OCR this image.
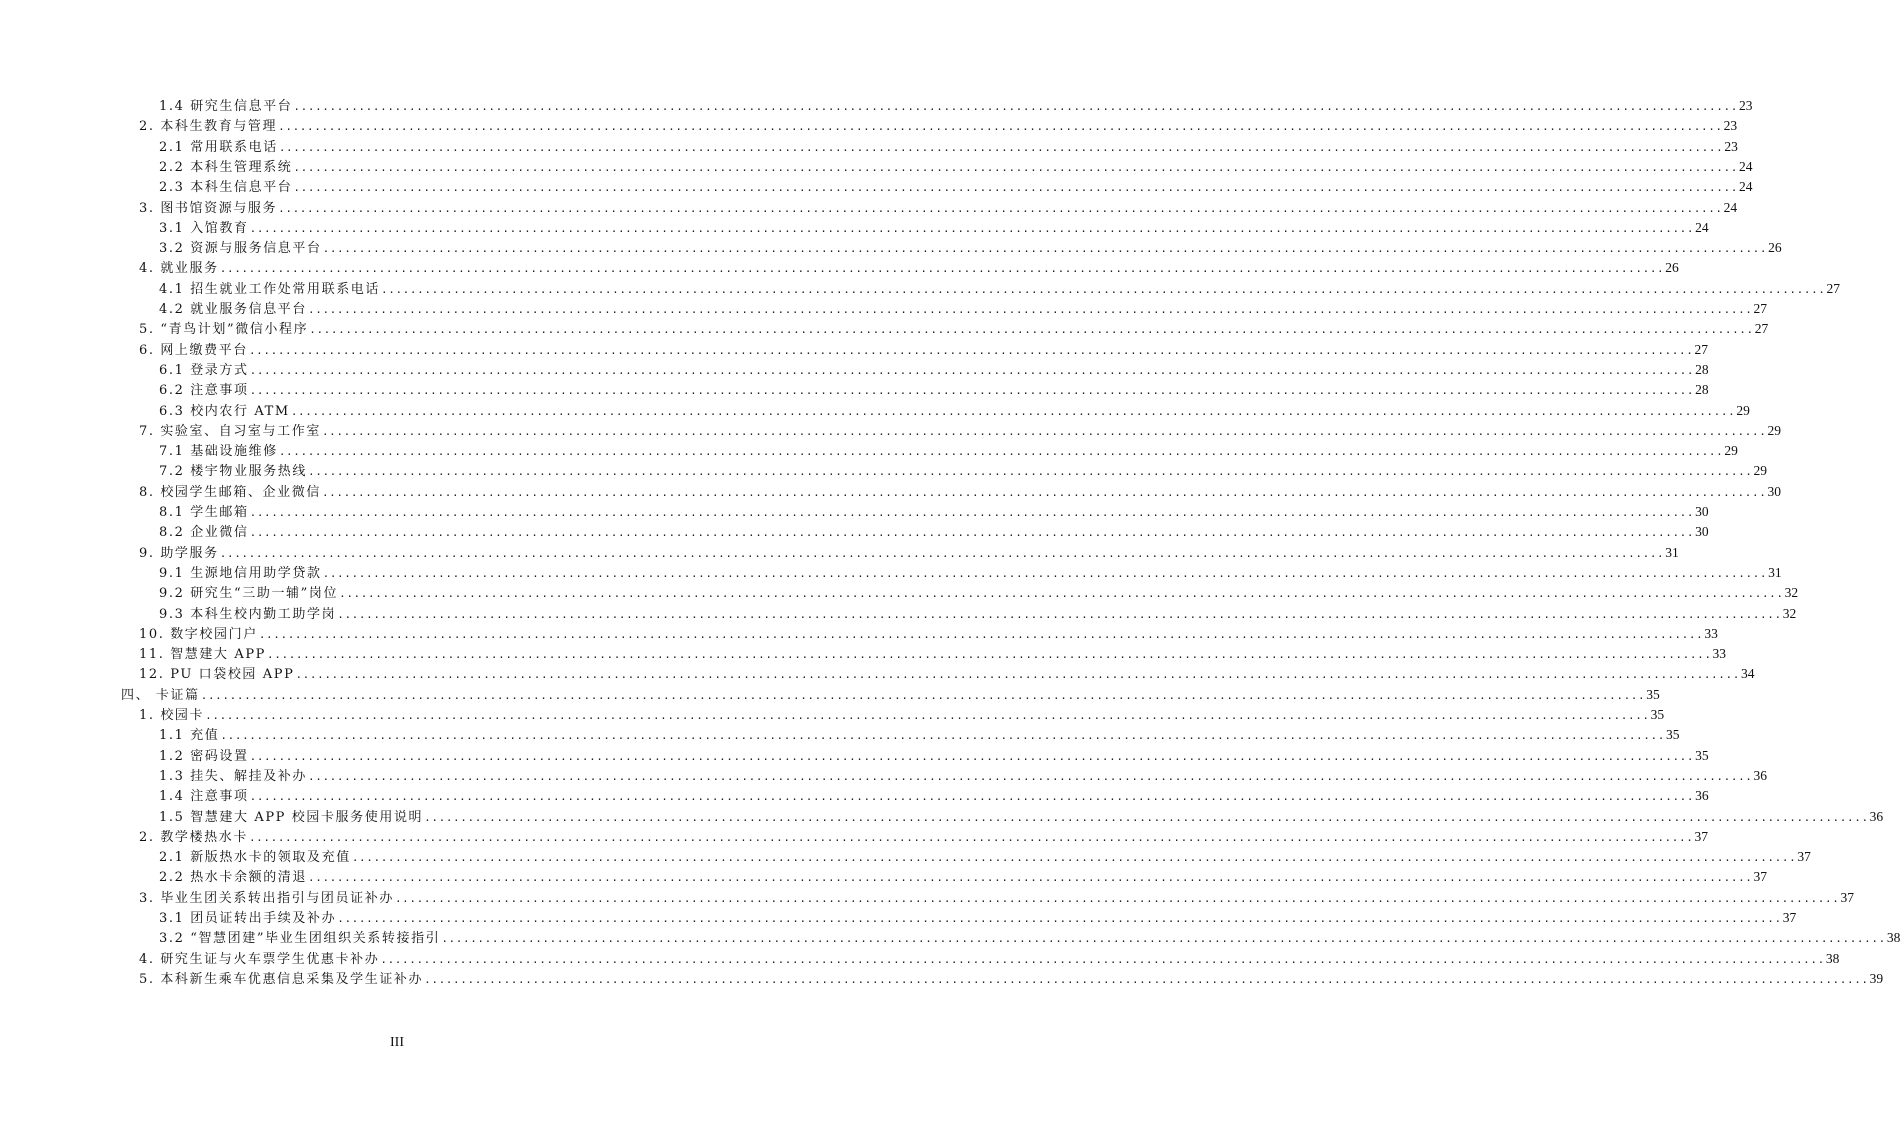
1.4 研究生信息平台 ........................................................................................................................................................................................................ 23
2. 本科生教育与管理 ........................................................................................................................................................................................................ 23
2.1 常用联系电话 ........................................................................................................................................................................................................ 23
2.2 本科生管理系统 ........................................................................................................................................................................................................ 24
2.3 本科生信息平台 ........................................................................................................................................................................................................ 24
3. 图书馆资源与服务 ........................................................................................................................................................................................................ 24
3.1 入馆教育 ........................................................................................................................................................................................................ 24
3.2 资源与服务信息平台 ........................................................................................................................................................................................................ 26
4. 就业服务 ........................................................................................................................................................................................................ 26
4.1 招生就业工作处常用联系电话 ........................................................................................................................................................................................................ 27
4.2 就业服务信息平台 ........................................................................................................................................................................................................ 27
5. “青鸟计划”微信小程序 ........................................................................................................................................................................................................ 27
6. 网上缴费平台 ........................................................................................................................................................................................................ 27
6.1 登录方式 ........................................................................................................................................................................................................ 28
6.2 注意事项 ........................................................................................................................................................................................................ 28
6.3 校内农行 ATM ........................................................................................................................................................................................................ 29
7. 实验室、自习室与工作室 ........................................................................................................................................................................................................ 29
7.1 基础设施维修 ........................................................................................................................................................................................................ 29
7.2 楼宇物业服务热线 ........................................................................................................................................................................................................ 29
8. 校园学生邮箱、企业微信 ........................................................................................................................................................................................................ 30
8.1 学生邮箱 ........................................................................................................................................................................................................ 30
8.2 企业微信 ........................................................................................................................................................................................................ 30
9. 助学服务 ........................................................................................................................................................................................................ 31
9.1 生源地信用助学贷款 ........................................................................................................................................................................................................ 31
9.2 研究生“三助一辅”岗位 ........................................................................................................................................................................................................ 32
9.3 本科生校内勤工助学岗 ........................................................................................................................................................................................................ 32
10. 数字校园门户 ........................................................................................................................................................................................................ 33
11. 智慧建大 APP ........................................................................................................................................................................................................ 33
12. PU 口袋校园 APP ........................................................................................................................................................................................................ 34
四、 卡证篇 ........................................................................................................................................................................................................ 35
1. 校园卡 ........................................................................................................................................................................................................ 35
1.1 充值 ........................................................................................................................................................................................................ 35
1.2 密码设置 ........................................................................................................................................................................................................ 35
1.3 挂失、解挂及补办 ........................................................................................................................................................................................................ 36
1.4 注意事项 ........................................................................................................................................................................................................ 36
1.5 智慧建大 APP 校园卡服务使用说明 ........................................................................................................................................................................................................ 36
2. 教学楼热水卡 ........................................................................................................................................................................................................ 37
2.1 新版热水卡的领取及充值 ........................................................................................................................................................................................................ 37
2.2 热水卡余额的清退 ........................................................................................................................................................................................................ 37
3. 毕业生团关系转出指引与团员证补办 ........................................................................................................................................................................................................ 37
3.1 团员证转出手续及补办 ........................................................................................................................................................................................................ 37
3.2 “智慧团建”毕业生团组织关系转接指引 ........................................................................................................................................................................................................ 38
4. 研究生证与火车票学生优惠卡补办 ........................................................................................................................................................................................................ 38
5. 本科新生乘车优惠信息采集及学生证补办 ........................................................................................................................................................................................................ 39
III
